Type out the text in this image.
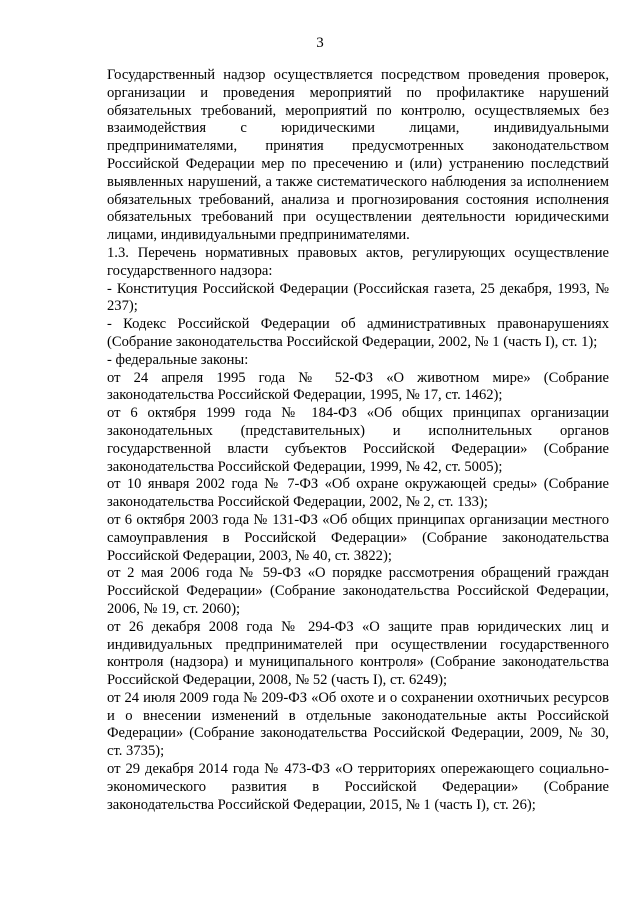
3

Государственный надзор осуществляется посредством проведения проверок, организации и проведения мероприятий по профилактике нарушений обязательных требований, мероприятий по контролю, осуществляемых без взаимодействия с юридическими лицами, индивидуальными предпринимателями, принятия предусмотренных законодательством Российской Федерации мер по пресечению и (или) устранению последствий выявленных нарушений, а также систематического наблюдения за исполнением обязательных требований, анализа и прогнозирования состояния исполнения обязательных требований при осуществлении деятельности юридическими лицами, индивидуальными предпринимателями.

1.3. Перечень нормативных правовых актов, регулирующих осуществление государственного надзора:

- Конституция Российской Федерации (Российская газета, 25 декабря, 1993, № 237);

- Кодекс Российской Федерации об административных правонарушениях (Собрание законодательства Российской Федерации, 2002, № 1 (часть I), ст. 1);

- федеральные законы:

от 24 апреля 1995 года № 52-ФЗ «О животном мире» (Собрание законодательства Российской Федерации, 1995, № 17, ст. 1462);

от 6 октября 1999 года № 184-ФЗ «Об общих принципах организации законодательных (представительных) и исполнительных органов государственной власти субъектов Российской Федерации» (Собрание законодательства Российской Федерации, 1999, № 42, ст. 5005);

от 10 января 2002 года № 7-ФЗ «Об охране окружающей среды» (Собрание законодательства Российской Федерации, 2002, № 2, ст. 133);

от 6 октября 2003 года № 131-ФЗ «Об общих принципах организации местного самоуправления в Российской Федерации» (Собрание законодательства Российской Федерации, 2003, № 40, ст. 3822);

от 2 мая 2006 года № 59-ФЗ «О порядке рассмотрения обращений граждан Российской Федерации» (Собрание законодательства Российской Федерации, 2006, № 19, ст. 2060);

от 26 декабря 2008 года № 294-ФЗ «О защите прав юридических лиц и индивидуальных предпринимателей при осуществлении государственного контроля (надзора) и муниципального контроля» (Собрание законодательства Российской Федерации, 2008, № 52 (часть I), ст. 6249);

от 24 июля 2009 года № 209-ФЗ «Об охоте и о сохранении охотничьих ресурсов и о внесении изменений в отдельные законодательные акты Российской Федерации» (Собрание законодательства Российской Федерации, 2009, № 30, ст. 3735);

от 29 декабря 2014 года № 473-ФЗ «О территориях опережающего социально-экономического развития в Российской Федерации» (Собрание законодательства Российской Федерации, 2015, № 1 (часть I), ст. 26);
